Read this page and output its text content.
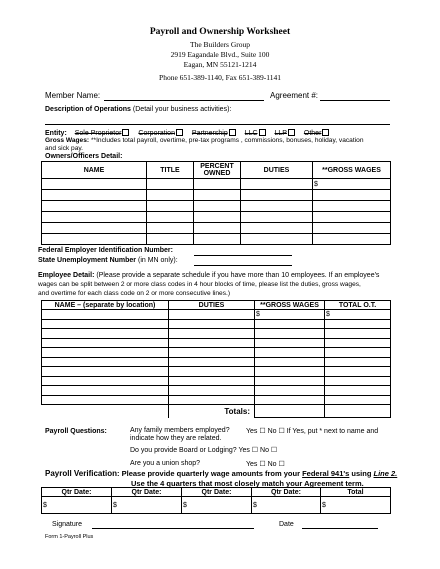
Payroll and Ownership Worksheet
The Builders Group
2919 Eagandale Blvd., Suite 100
Eagan, MN 55121-1214
Phone 651-389-1140, Fax 651-389-1141
Member Name:	Agreement #:
Description of Operations (Detail your business activities):
Entity: Sole Proprietor Corporation Partnership LLC LLP Other
Gross Wages: **Includes total payroll, overtime, pre-tax programs , commissions, bonuses, holiday, vacation
and sick pay.
Owners/Officers Detail:
NAME	TITLE	PERCENT OWNED	DUTIES	**GROSS WAGES
				$

Federal Employer Identification Number:
State Unemployment Number (in MN only):
Employee Detail: (Please provide a separate schedule if you have more than 10 employees. If an employee's
wages can be split between 2 or more class codes in 4 hour blocks of time, please list the duties, gross wages,
and overtime for each class code on 2 or more consecutive lines.)
NAME – (separate by location)	DUTIES	**GROSS WAGES	TOTAL O.T.
		$	$

	Totals:		
Payroll Questions:	Any family members employed? Yes ☐ No ☐ If Yes, put * next to name and
indicate how they are related.
Do you provide Board or Lodging? Yes ☐ No ☐
Are you a union shop?	Yes ☐ No ☐
Payroll Verification: Please provide quarterly wage amounts from your Federal 941's using Line 2.
Use the 4 quarters that most closely match your Agreement term.
Qtr Date:	Qtr Date:	Qtr Date:	Qtr Date:	Total
$	$	$	$	$
Signature	Date
Form 1-Payroll Plus
